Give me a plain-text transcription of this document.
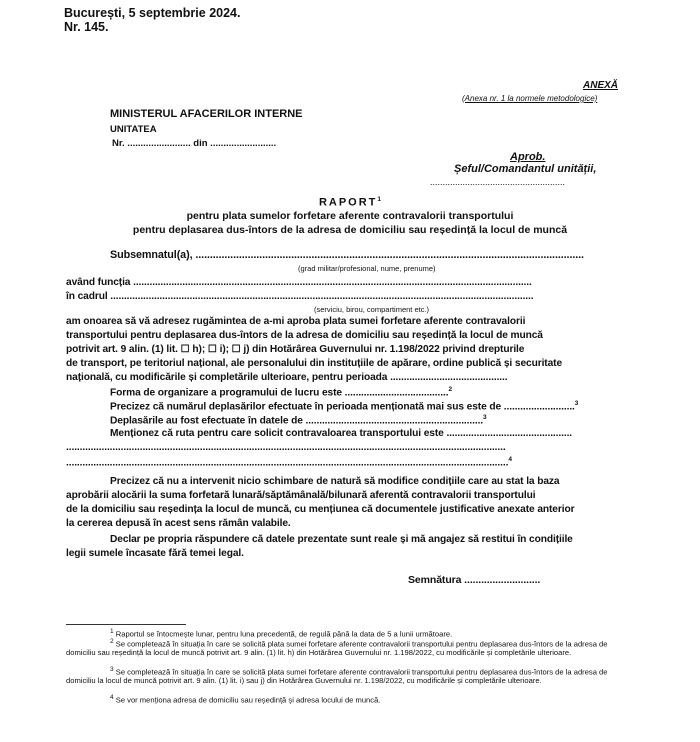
București, 5 septembrie 2024.
Nr. 145.
ANEXĂ
(Anexa nr. 1 la normele metodologice)
MINISTERUL AFACERILOR INTERNE
UNITATEA
Nr. ........................ din .........................
Aprob.
Șeful/Comandantul unității,
......................................................
RAPORT$^1$
pentru plata sumelor forfetare aferente contravalorii transportului
pentru deplasarea dus-întors de la adresa de domiciliu sau reședință la locul de muncă
Subsemnatul(a), ......................................................................................................................................
(grad militar/profesional, nume, prenume)
având funcția ..................................................................................................................................................
în cadrul ...........................................................................................................................................................
(serviciu, birou, compartiment etc.)
am onoarea să vă adresez rugămintea de a-mi aproba plata sumei forfetare aferente contravalorii
transportului pentru deplasarea dus-întors de la adresa de domiciliu sau reședință la locul de muncă
potrivit art. 9 alin. (1) lit. ☐ h); ☐ i); ☐ j) din Hotărârea Guvernului nr. 1.198/2022 privind drepturile
de transport, pe teritoriul național, ale personalului din instituțiile de apărare, ordine publică și securitate
națională, cu modificările și completările ulterioare, pentru perioada ...........................................
Forma de organizare a programului de lucru este ......................................$^2$
Precizez că numărul deplasărilor efectuate în perioada menționată mai sus este de ..........................$^3$
Deplasările au fost efectuate în datele de .................................................................$^3$
Menționez că ruta pentru care solicit contravaloarea transportului este ..............................................
.................................................................................................................................................................
..................................................................................................................................................................$^4$
Precizez că nu a intervenit nicio schimbare de natură să modifice condițiile care au stat la baza
aprobării alocării la suma forfetară lunară/săptămânală/bilunară aferentă contravalorii transportului
de la domiciliu sau reședința la locul de muncă, cu mențiunea că documentele justificative anexate anterior
la cererea depusă în acest sens rămân valabile.
Declar pe propria răspundere că datele prezentate sunt reale și mă angajez să restitui în condițiile
legii sumele încasate fără temei legal.
Semnătura ...........................
$^1$ Raportul se întocmește lunar, pentru luna precedentă, de regulă până la data de 5 a lunii următoare.
$^2$ Se completează în situația în care se solicită plata sumei forfetare aferente contravalorii transportului pentru deplasarea dus-întors de la adresa de domiciliu sau reședință la locul de muncă potrivit art. 9 alin. (1) lit. h) din Hotărârea Guvernului nr. 1.198/2022, cu modificările și completările ulterioare.
$^3$ Se completează în situația în care se solicită plata sumei forfetare aferente contravalorii transportului pentru deplasarea dus-întors de la adresa de domiciliu la locul de muncă potrivit art. 9 alin. (1) lit. i) sau j) din Hotărârea Guvernului nr. 1.198/2022, cu modificările și completările ulterioare.
$^4$ Se vor menționa adresa de domiciliu sau reședință și adresa locului de muncă.
